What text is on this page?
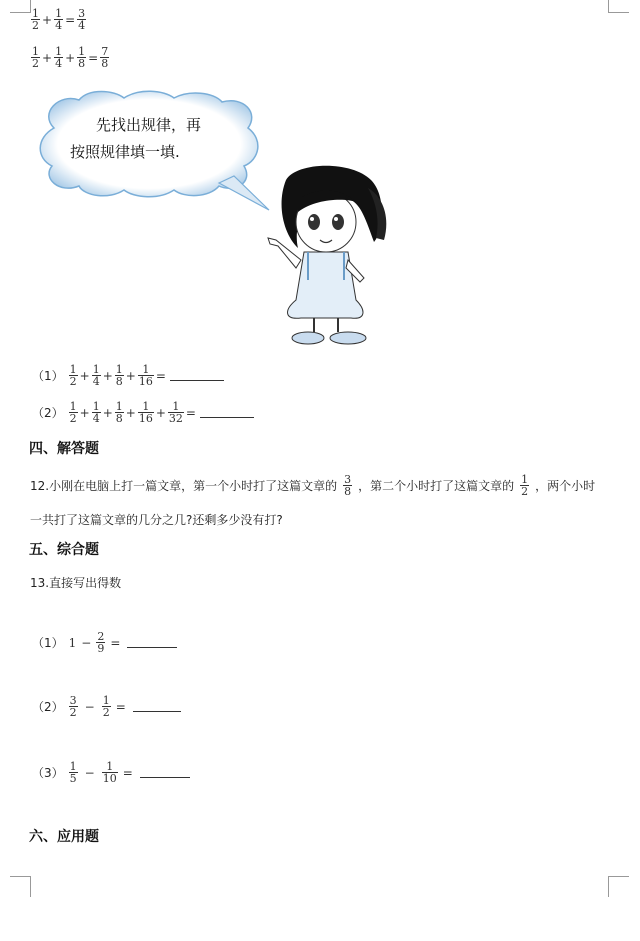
$\frac{1}{2} + \frac{1}{4} = \frac{3}{4}$
$\frac{1}{2} + \frac{1}{4} + \frac{1}{8} = \frac{7}{8}$
先找出规律，再
按照规律填一填.
$(1) \frac{1}{2} + \frac{1}{4} + \frac{1}{8} + \frac{1}{16}$ =
$(2) \frac{1}{2} + \frac{1}{4} + \frac{1}{8} + \frac{1}{16} + \frac{1}{32}$ =
四、解答题
12.小刚在电脑上打一篇文章，第一个小时打了这篇文章的 $\frac{3}{8}$ ，第二个小时打了这篇文章的 $\frac{1}{2}$ ，两个小时
一共打了这篇文章的几分之几?还剩多少没有打?
五、综合题
13.直接写出得数
（1） $1 - \frac{2}{9}$ =
$(2) \frac{3}{2} - \frac{1}{2}$ =
$(3) \frac{1}{5} - \frac{1}{10}$ =
六、应用题
